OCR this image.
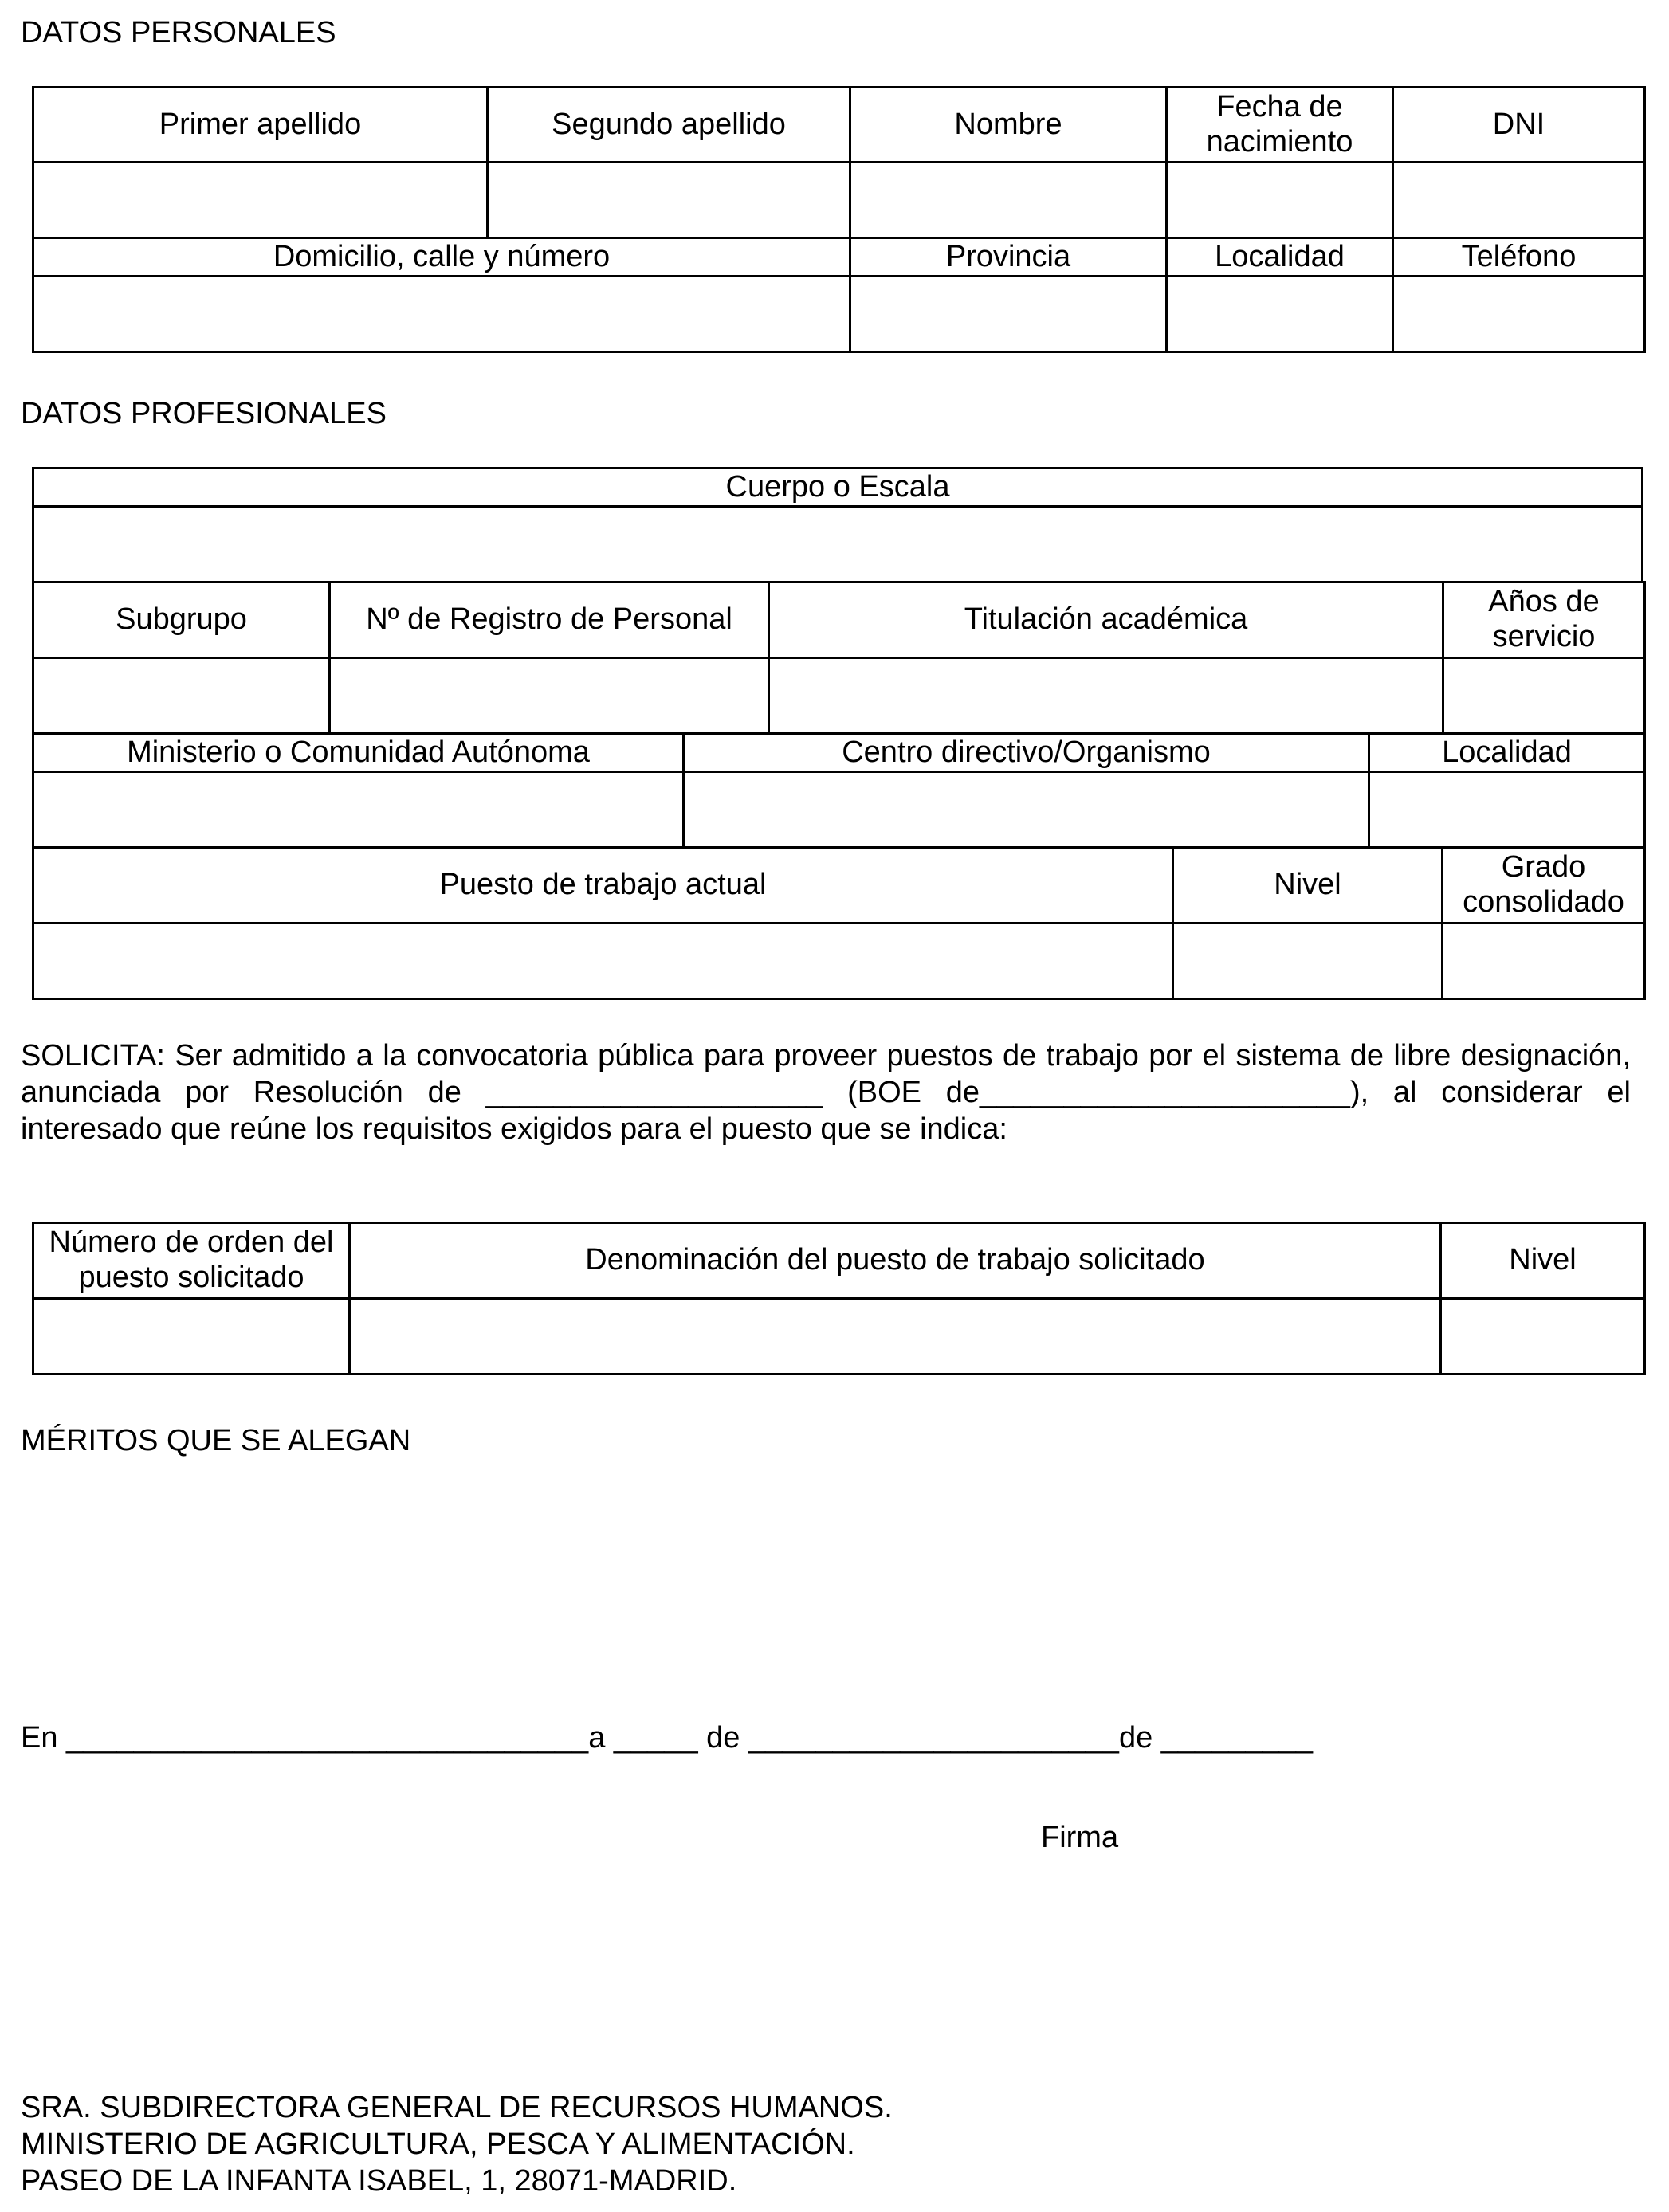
DATOS PERSONALES
Primer apellido	Segundo apellido	Nombre	Fecha de nacimiento	DNI

Domicilio, calle y número		Provincia	Localidad	Teléfono

DATOS PROFESIONALES
Cuerpo o Escala

Subgrupo	Nº de Registro de Personal	Titulación académica	Años de servicio

Ministerio o Comunidad Autónoma	Centro directivo/Organismo	Localidad

Puesto de trabajo actual	Nivel	Grado consolidado

SOLICITA: Ser admitido a la convocatoria pública para proveer puestos de trabajo por el sistema de libre designación, anunciada por Resolución de ____________________ (BOE de______________________), al considerar el interesado que reúne los requisitos exigidos para el puesto que se indica:
Número de orden del puesto solicitado	Denominación del puesto de trabajo solicitado	Nivel

MÉRITOS QUE SE ALEGAN
En _______________________________a _____ de ______________________de _________
Firma
SRA. SUBDIRECTORA GENERAL DE RECURSOS HUMANOS.
MINISTERIO DE AGRICULTURA, PESCA Y ALIMENTACIÓN.
PASEO DE LA INFANTA ISABEL, 1, 28071-MADRID.
